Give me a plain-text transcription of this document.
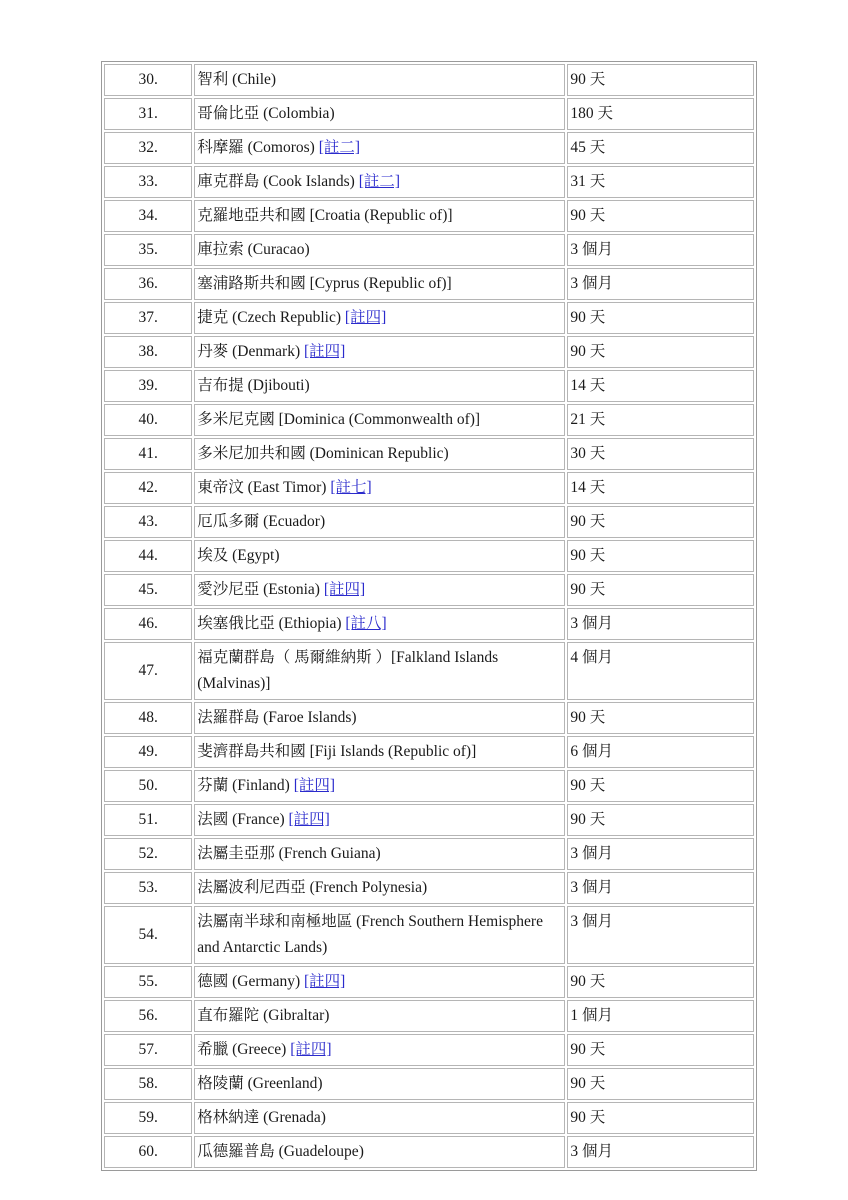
30.	智利 (Chile)	90 天
31.	哥倫比亞 (Colombia)	180 天
32.	科摩羅 (Comoros) [註二]	45 天
33.	庫克群島 (Cook Islands) [註二]	31 天
34.	克羅地亞共和國 [Croatia (Republic of)]	90 天
35.	庫拉索 (Curacao)	3 個月
36.	塞浦路斯共和國 [Cyprus (Republic of)]	3 個月
37.	捷克 (Czech Republic) [註四]	90 天
38.	丹麥 (Denmark) [註四]	90 天
39.	吉布提 (Djibouti)	14 天
40.	多米尼克國 [Dominica (Commonwealth of)]	21 天
41.	多米尼加共和國 (Dominican Republic)	30 天
42.	東帝汶 (East Timor) [註七]	14 天
43.	厄瓜多爾 (Ecuador)	90 天
44.	埃及 (Egypt)	90 天
45.	愛沙尼亞 (Estonia) [註四]	90 天
46.	埃塞俄比亞 (Ethiopia) [註八]	3 個月
47.	福克蘭群島（ 馬爾維納斯 ）[Falkland Islands (Malvinas)]	4 個月
48.	法羅群島 (Faroe Islands)	90 天
49.	斐濟群島共和國 [Fiji Islands (Republic of)]	6 個月
50.	芬蘭 (Finland) [註四]	90 天
51.	法國 (France) [註四]	90 天
52.	法屬圭亞那 (French Guiana)	3 個月
53.	法屬波利尼西亞 (French Polynesia)	3 個月
54.	法屬南半球和南極地區 (French Southern Hemisphere and Antarctic Lands)	3 個月
55.	德國 (Germany) [註四]	90 天
56.	直布羅陀 (Gibraltar)	1 個月
57.	希臘 (Greece) [註四]	90 天
58.	格陵蘭 (Greenland)	90 天
59.	格林納達 (Grenada)	90 天
60.	瓜德羅普島 (Guadeloupe)	3 個月
